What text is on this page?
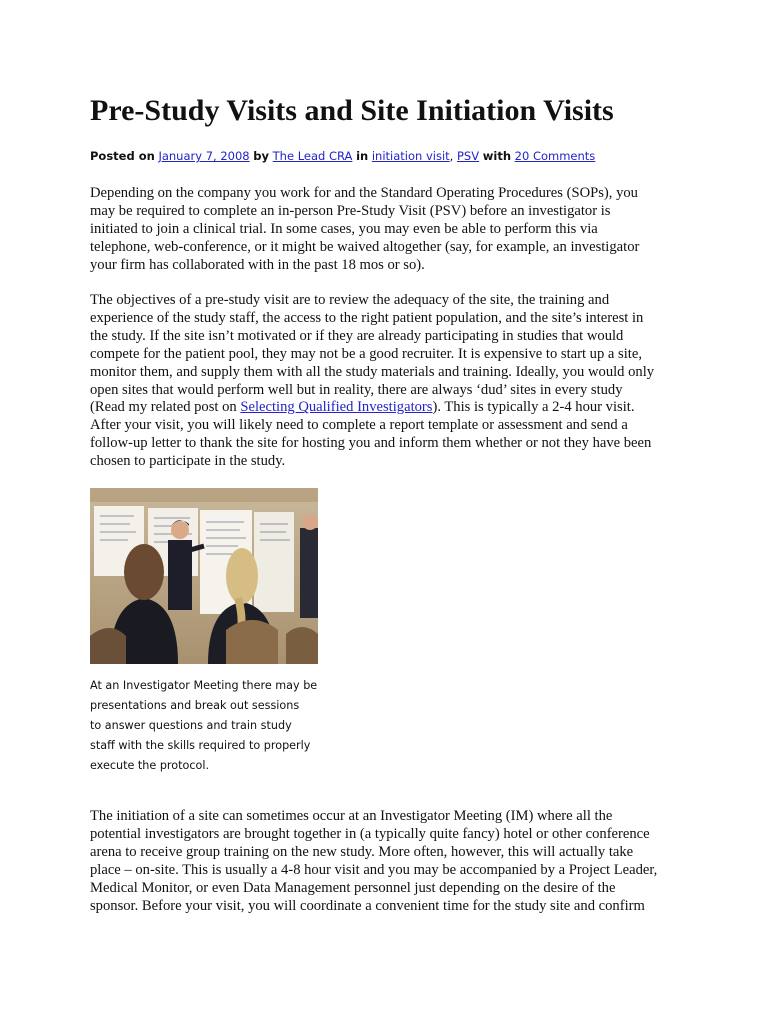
Pre-Study Visits and Site Initiation Visits
Posted on January 7, 2008 by The Lead CRA in initiation visit, PSV with 20 Comments
Depending on the company you work for and the Standard Operating Procedures (SOPs), you
may be required to complete an in-person Pre-Study Visit (PSV) before an investigator is
initiated to join a clinical trial. In some cases, you may even be able to perform this via
telephone, web-conference, or it might be waived altogether (say, for example, an investigator
your firm has collaborated with in the past 18 mos or so).
The objectives of a pre-study visit are to review the adequacy of the site, the training and
experience of the study staff, the access to the right patient population, and the site’s interest in
the study. If the site isn’t motivated or if they are already participating in studies that would
compete for the patient pool, they may not be a good recruiter. It is expensive to start up a site,
monitor them, and supply them with all the study materials and training. Ideally, you would only
open sites that would perform well but in reality, there are always ‘dud’ sites in every study
(Read my related post on Selecting Qualified Investigators). This is typically a 2-4 hour visit.
After your visit, you will likely need to complete a report template or assessment and send a
follow-up letter to thank the site for hosting you and inform them whether or not they have been
chosen to participate in the study.
At an Investigator Meeting there may be
presentations and break out sessions
to answer questions and train study
staff with the skills required to properly
execute the protocol.
The initiation of a site can sometimes occur at an Investigator Meeting (IM) where all the
potential investigators are brought together in (a typically quite fancy) hotel or other conference
arena to receive group training on the new study. More often, however, this will actually take
place – on-site. This is usually a 4-8 hour visit and you may be accompanied by a Project Leader,
Medical Monitor, or even Data Management personnel just depending on the desire of the
sponsor. Before your visit, you will coordinate a convenient time for the study site and confirm
